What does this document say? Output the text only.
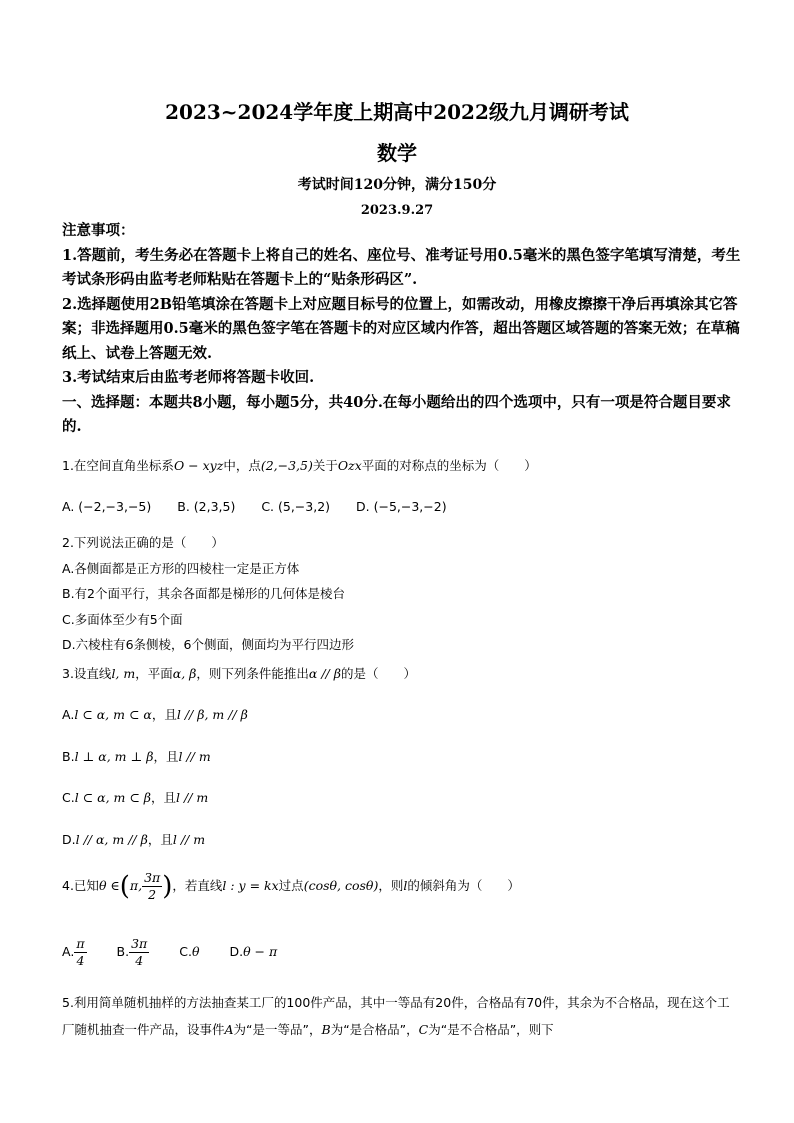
2023~2024学年度上期高中2022级九月调研考试
数学
考试时间120分钟，满分150分
2023.9.27

注意事项：

1.答题前，考生务必在答题卡上将自己的姓名、座位号、准考证号用0.5毫米的黑色签字笔填写清楚，考生考试条形码由监考老师粘贴在答题卡上的“贴条形码区”.

2.选择题使用2B铅笔填涂在答题卡上对应题目标号的位置上，如需改动，用橡皮擦擦干净后再填涂其它答案；非选择题用0.5毫米的黑色签字笔在答题卡的对应区域内作答，超出答题区域答题的答案无效；在草稿纸上、试卷上答题无效.

3.考试结束后由监考老师将答题卡收回.

一、选择题：本题共8小题，每小题5分，共40分.在每小题给出的四个选项中，只有一项是符合题目要求的.

1.在空间直角坐标系O − xyz中，点(2,−3,5)关于Ozx平面的对称点的坐标为（　　）
A. (−2,−3,−5) B. (2,3,5) C. (5,−3,2) D. (−5,−3,−2)
2.下列说法正确的是（　　）
A.各侧面都是正方形的四棱柱一定是正方体
B.有2个面平行，其余各面都是梯形的几何体是棱台
C.多面体至少有5个面
D.六棱柱有6条侧棱，6个侧面，侧面均为平行四边形
3.设直线l, m，平面α, β，则下列条件能推出α // β的是（　　）
A.l ⊂ α, m ⊂ α，且l // β, m // β
B.l ⊥ α, m ⊥ β，且l // m
C.l ⊂ α, m ⊂ β，且l // m
D.l // α, m // β，且l // m
4.已知θ ∈(π, $\frac{3\pi}{2}$ )，若直线l : y = kx过点(cosθ, cosθ)，则l的倾斜角为（　　）
A. $\frac{\pi}{4} B$. $\frac{3\pi}{4} C.\theta$ D.θ − π
5.利用简单随机抽样的方法抽查某工厂的100件产品，其中一等品有20件，合格品有70件，其余为不合格品，现在这个工厂随机抽查一件产品，设事件A为“是一等品”，B为“是合格品”，C为“是不合格品”，则下
